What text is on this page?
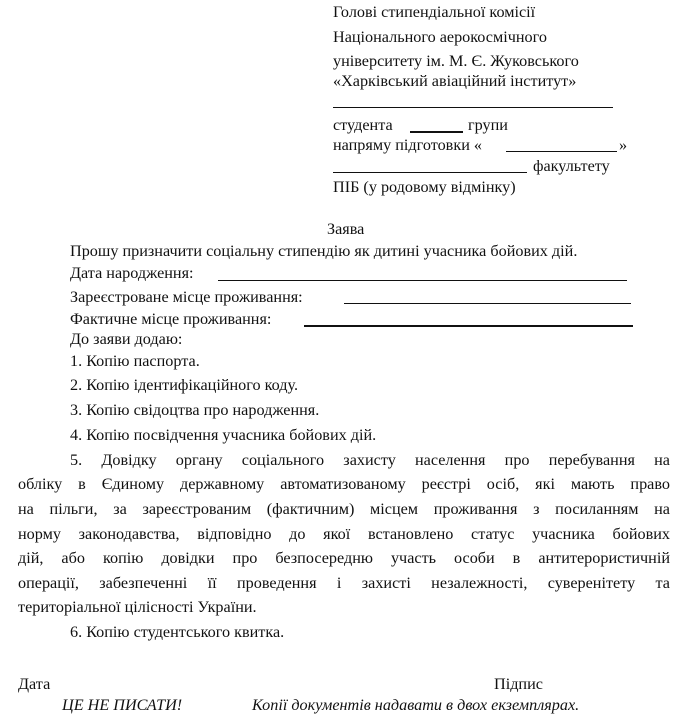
Голові стипендіальної комісії
Національного аерокосмічного
університету ім. М. Є. Жуковського
«Харківський авіаційний інститут»
студента	групи
напряму підготовки «	»
факультету
ПІБ (у родовому відмінку)
Заява
Прошу призначити соціальну стипендію як дитині учасника бойових дій.
Дата народження:
Зареєстроване місце проживання:
Фактичне місце проживання:
До заяви додаю:
1. Копію паспорта.
2. Копію ідентифікаційного коду.
3. Копію свідоцтва про народження.
4. Копію посвідчення учасника бойових дій.
5. Довідку органу соціального захисту населення про перебування на
обліку в Єдиному державному автоматизованому реєстрі осіб, які мають право
на пільги, за зареєстрованим (фактичним) місцем проживання з посиланням на
норму законодавства, відповідно до якої встановлено статус учасника бойових
дій, або копію довідки про безпосередню участь особи в антитерористичній
операції, забезпеченні її проведення і захисті незалежності, суверенітету та
територіальної цілісності України.
6. Копію студентського квитка.
Дата	Підпис
ЦЕ НЕ ПИСАТИ!	Копії документів надавати в двох екземплярах.
